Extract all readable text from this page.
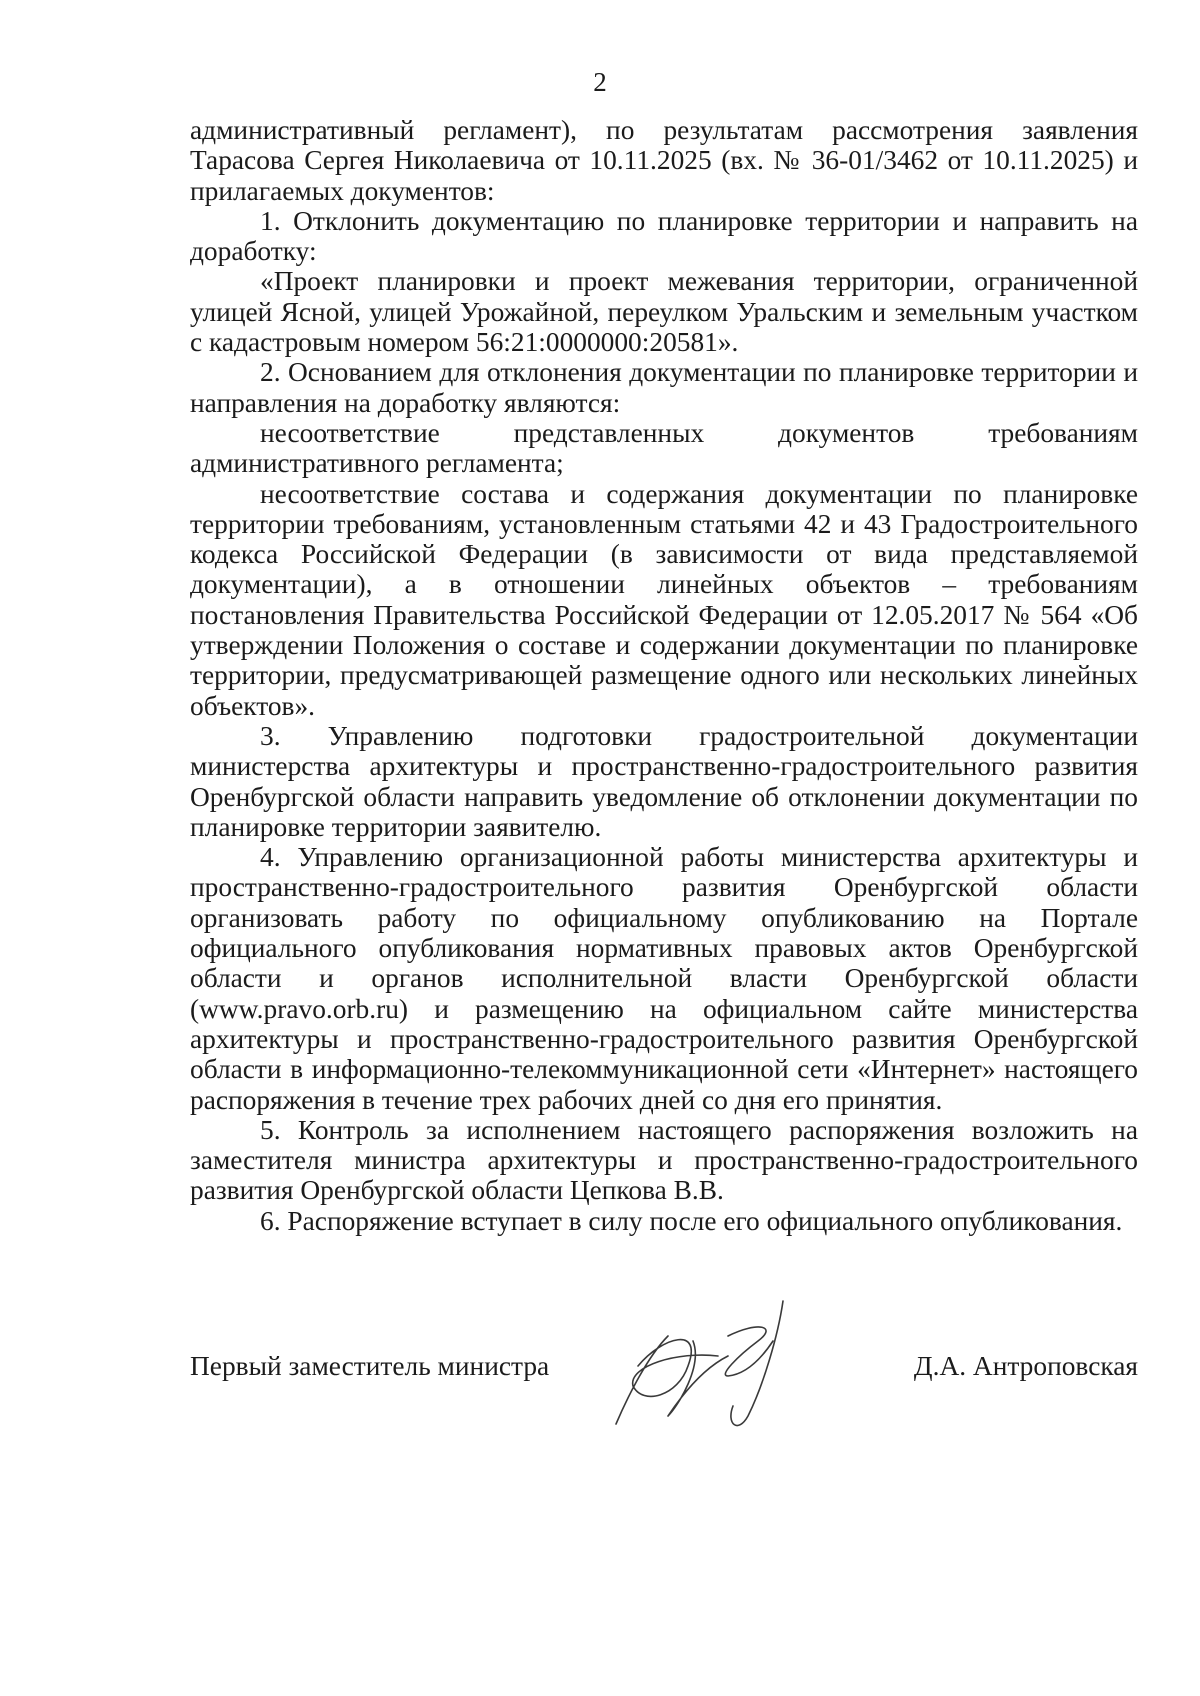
2

административный регламент), по результатам рассмотрения заявления Тарасова Сергея Николаевича от 10.11.2025 (вх. № 36-01/3462 от 10.11.2025) и прилагаемых документов:

1. Отклонить документацию по планировке территории и направить на доработку:

«Проект планировки и проект межевания территории, ограниченной улицей Ясной, улицей Урожайной, переулком Уральским и земельным участком с кадастровым номером 56:21:0000000:20581».

2. Основанием для отклонения документации по планировке территории и направления на доработку являются:

несоответствие представленных документов требованиям административного регламента;

несоответствие состава и содержания документации по планировке территории требованиям, установленным статьями 42 и 43 Градостроительного кодекса Российской Федерации (в зависимости от вида представляемой документации), а в отношении линейных объектов – требованиям постановления Правительства Российской Федерации от 12.05.2017 № 564 «Об утверждении Положения о составе и содержании документации по планировке территории, предусматривающей размещение одного или нескольких линейных объектов».

3. Управлению подготовки градостроительной документации министерства архитектуры и пространственно-градостроительного развития Оренбургской области направить уведомление об отклонении документации по планировке территории заявителю.

4. Управлению организационной работы министерства архитектуры и пространственно-градостроительного развития Оренбургской области организовать работу по официальному опубликованию на Портале официального опубликования нормативных правовых актов Оренбургской области и органов исполнительной власти Оренбургской области (www.pravo.orb.ru) и размещению на официальном сайте министерства архитектуры и пространственно-градостроительного развития Оренбургской области в информационно-телекоммуникационной сети «Интернет» настоящего распоряжения в течение трех рабочих дней со дня его принятия.

5. Контроль за исполнением настоящего распоряжения возложить на заместителя министра архитектуры и пространственно-градостроительного развития Оренбургской области Цепкова В.В.

6. Распоряжение вступает в силу после его официального опубликования.

Первый заместитель министра	Д.А. Антроповская
